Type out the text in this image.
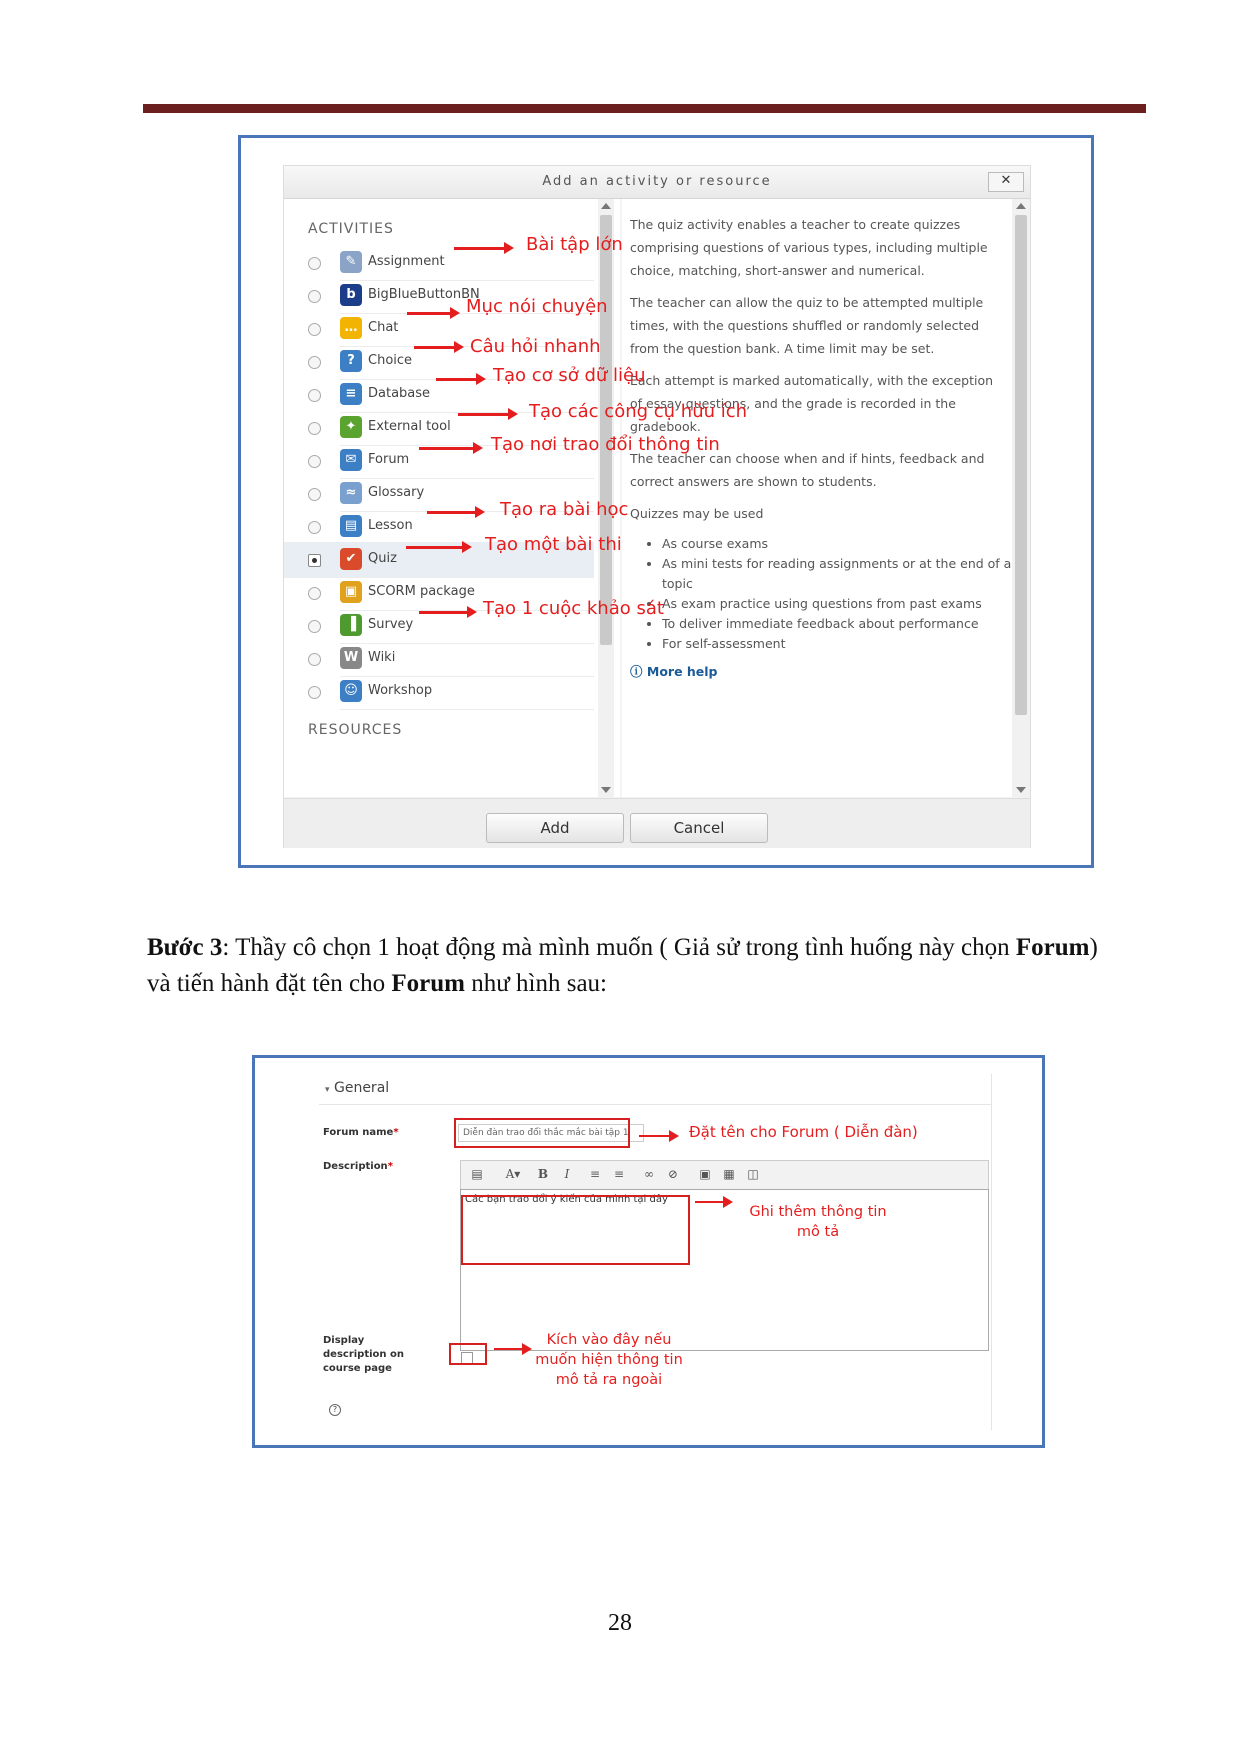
Add an activity or resource	✕
ACTIVITIES
✎ Assignment
b BigBlueButtonBN
… Chat
?	Choice
≡ Database
✦ External tool
✉ Forum
≈ Glossary
▤ Lesson
✔ Quiz
▣ SCORM package
▐ Survey
W Wiki
☺ Workshop
RESOURCES

The quiz activity enables a teacher to create quizzes comprising questions of various types, including multiple choice, matching, short-answer and numerical.

The teacher can allow the quiz to be attempted multiple times, with the questions shuffled or randomly selected from the question bank. A time limit may be set.

Each attempt is marked automatically, with the exception of essay questions, and the grade is recorded in the gradebook.

The teacher can choose when and if hints, feedback and correct answers are shown to students.

Quizzes may be used

• As course exams
• As mini tests for reading assignments or at the end of a topic
• As exam practice using questions from past exams
• To deliver immediate feedback about performance
• For self-assessment
ⓘ More help
Add	Cancel
Bài tập lớn
Mục nói chuyện
Câu hỏi nhanh
Tạo cơ sở dữ liệu
Tạo các công cụ hữu ích
Tạo nơi trao đổi thông tin
Tạo ra bài học
Tạo một bài thi
Tạo 1 cuộc khảo sát
Bước 3: Thầy cô chọn 1 hoạt động mà mình muốn ( Giả sử trong tình huống này chọn Forum) và tiến hành đặt tên cho Forum như hình sau:
▾ General
Forum name*	Diễn đàn trao đổi thắc mắc bài tập 1
Description*
▤	A▾	B	I	≡ ≡ ∞ ⊘ ▣ ▦ ◫
Các bạn trao đổi ý kiến của mình tại đây
Display
description on
course page
?
Đặt tên cho Forum ( Diễn đàn)
Ghi thêm thông tin
mô tả
Kích vào đây nếu
muốn hiện thông tin
mô tả ra ngoài
28
